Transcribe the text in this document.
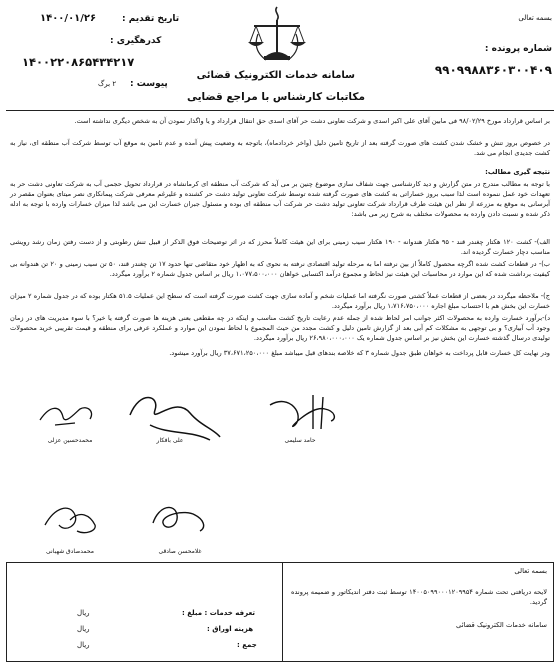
بسمه تعالی
شماره پرونده :
۹۹۰۹۹۸۸۳۶۰۳۰۰۴۰۹
سامانه خدمات الکترونیک قضائی
مکاتبات کارشناس با مراجع قضایی
تاریخ تقدیم :
۱۴۰۰/۰۱/۲۶
کدرهگیری :
۱۴۰۰۲۲۰۸۶۵۴۳۴۲۱۷
پیوست :
۲ برگ
بر اساس قرارداد مورخ ۹۸/۰۲/۲۹ فی مابین آقای علی اکبر اسدی و شرکت تعاونی دشت حر آقای اسدی حق انتقال قرارداد و یا واگذار نمودن آن به شخص دیگری نداشته است.
در خصوص بروز تنش و خشک شدن کشت های صورت گرفته بعد از تاریخ تامین دلیل (واخر خردادماه)، باتوجه به وضعیت پیش آمده و عدم تامین به موقع آب توسط شرکت آب منطقه ای، نیاز به کشت جدیدی انجام می شد.
نتیجه گیری مطالب:
با توجه به مطالب مندرج در متن گزارش و دید کارشناسی جهت شفاف سازی موضوع چنین بر می آید که شرکت آب منطقه ای کرمانشاه در قرارداد تحویل حجمی آب به شرکت تعاونی دشت حر به تعهدات خود عمل ننموده است لذا سبب بروز خساراتی به کشت های صورت گرفته شده توسط شرکت تعاونی تولید دشت حر کشنده و علیرغم معرفی شرکت پیمانکاری نصر میتای بعنوان مقصر در آبرسانی به موقع به مزرعه از نظر این هیئت طرف قرارداد شرکت تعاونی تولید دشت حر شرکت آب منطقه ای بوده و مسئول جبران خسارت این می باشد لذا میزان خسارات وارده با توجه به ادله ذکر شده و نسبت دادن وارده به محصولات مختلف به شرح زیر می باشد:
الف)- کشت ۱۲۰ هکتار چغندر قند - ۹۵ هکتار هندوانه - ۱۹۰ هکتار سیب زمینی برای این هیئت کاملاً محرز که در اثر توضیحات فوق الذکر از قبیل تنش رطوبتی و از دست رفتن زمان رشد رویشی مناسب دچار خسارت گردیده اند.
ب)- در قطعات کشت شده اگرچه محصول کاملاً از بین نرفته اما به مرحله تولید اقتصادی نرفته به نحوی که به اظهار خود متقاضی تنها حدود ۱۷ تن چغندر قند، ۵۰ تن سیب زمینی و ۲۰ تن هندوانه بی کیفیت برداشت شده که این موارد در محاسبات این هیئت نیز لحاظ و مجموع درآمد اکتسابی خواهان ۱،۰۷۷،۵۰۰،۰۰۰ ریال بر اساس جدول شماره ۲ برآورد میگردد.
ج)- ملاحظه میگردد در بعضی از قطعات عملاً کشتی صورت نگرفته اما عملیات شخم و آماده سازی جهت کشت صورت گرفته است که سطح این عملیات ۵۱.۵ هکتار بوده که در جدول شماره ۲ میزان خسارت این بخش هم با احتساب مبلغ اجاره ۱،۷۱۶،۷۵۰،۰۰۰ ریال برآورد میگردد.
د)-برآورد خسارت وارده به محصولات اکثر جوانب امر لحاظ شده از جمله عدم رعایت تاریخ کشت مناسب و اینکه در چه مقطعی بعنی هزینه ها صورت گرفته یا خیر؟ با سوء مدیریت های در زمان وجود آب آبیاری؟ و بی توجهی به مشکلات کم آبی بعد از گزارش تامین دلیل و کشت مجدد من حیث المجموع با لحاظ نمودن این موارد و عملکرد عرفی برای منطقه و قیمت تقریبی خرید محصولات تولیدی درسال گذشته خسارت این بخش نیز بر اساس جدول شماره یک ۲۶،۹۸۰،۰۰۰،۰۰۰ ریال برآورد میگردد.
ودر نهایت کل خسارت قابل پرداخت به خواهان طبق جدول شماره ۳ که خلاصه بندهای قبل میباشد مبلغ ۳۷،۶۷۱،۲۵۰،۰۰۰ ریال برآورد میشود.
حامد سلیمی
علی بافکار
محمدحسین عزلی
غلامحسن صادقی
محمدصادق شهبانی
بسمه تعالی
لایحه دریافتی تحت شماره ۱۴۰۰۵۰۹۹۰۰۰۱۲۰۹۹۵۴ توسط ثبت دفتر اندیکاتور و ضمیمه پرونده گردید.
سامانه خدمات الکترونیک قضائی
تعرفه خدمات : مبلغ :
ریال
هزینه اوراق :
ریال
جمع :
ریال
